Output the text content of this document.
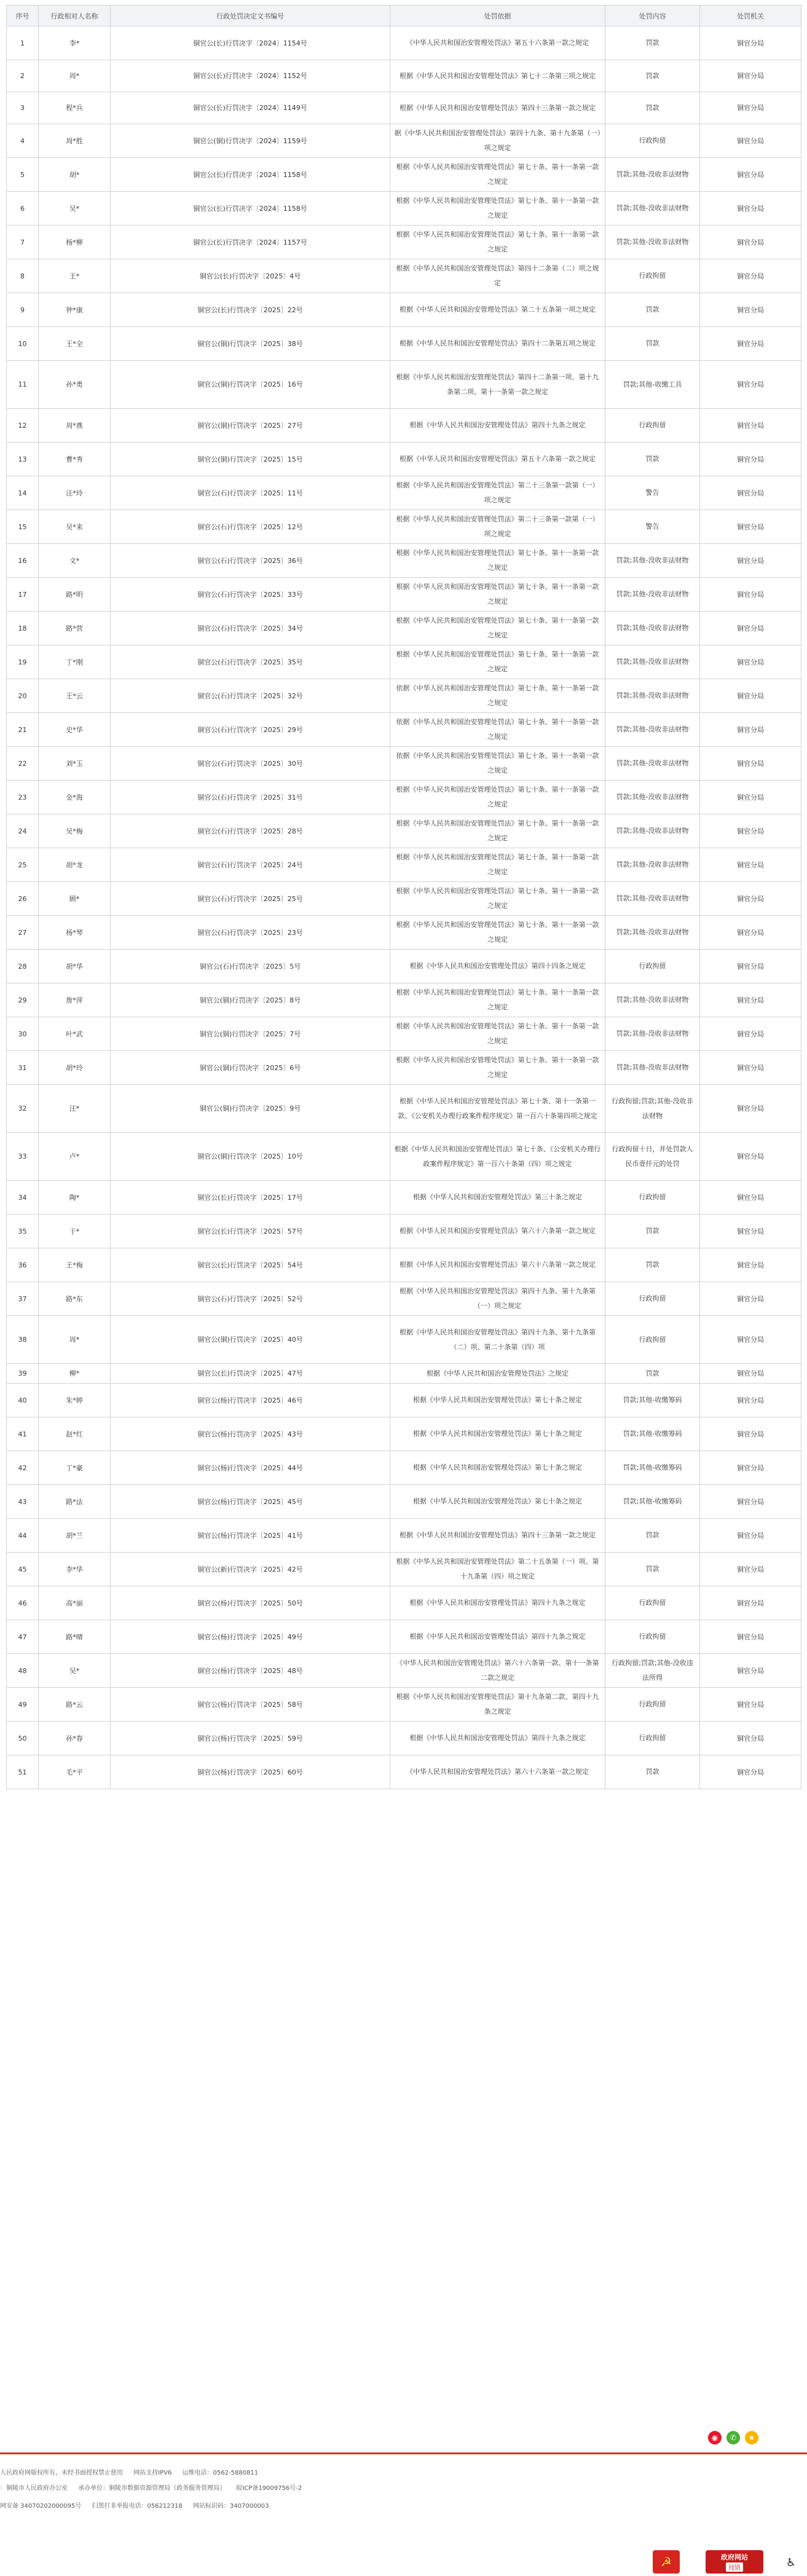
序号	行政相对人名称	行政处罚决定文书编号	处罚依据	处罚内容	处罚机关
1	李*	铜官公(长)行罚决字〔2024〕1154号	《中华人民共和国治安管理处罚法》第五十六条第一款之规定	罚款	铜官分局
2	周*	铜官公(长)行罚决字〔2024〕1152号	根据《中华人民共和国治安管理处罚法》第七十二条第三项之规定	罚款	铜官分局
3	程*兵	铜官公(长)行罚决字〔2024〕1149号	根据《中华人民共和国治安管理处罚法》第四十三条第一款之规定	罚款	铜官分局
4	周*胜	铜官公(铜)行罚决字〔2024〕1159号	据《中华人民共和国治安管理处罚法》第四十九条、第十九条第（一）项之规定	行政拘留	铜官分局
5	胡*	铜官公(长)行罚决字〔2024〕1158号	根据《中华人民共和国治安管理处罚法》第七十条、第十一条第一款之规定	罚款;其他-没收非法财物	铜官分局
6	吴*	铜官公(长)行罚决字〔2024〕1158号	根据《中华人民共和国治安管理处罚法》第七十条、第十一条第一款之规定	罚款;其他-没收非法财物	铜官分局
7	杨*柳	铜官公(长)行罚决字〔2024〕1157号	根据《中华人民共和国治安管理处罚法》第七十条、第十一条第一款之规定	罚款;其他-没收非法财物	铜官分局
8	王*	铜官公(长)行罚决字〔2025〕4号	根据《中华人民共和国治安管理处罚法》第四十二条第（二）项之规定	行政拘留	铜官分局
9	钟*康	铜官公(长)行罚决字〔2025〕22号	根据《中华人民共和国治安管理处罚法》第二十五条第一项之规定	罚款	铜官分局
10	王*全	铜官公(铜)行罚决字〔2025〕38号	根据《中华人民共和国治安管理处罚法》第四十二条第五项之规定	罚款	铜官分局
11	孙*勇	铜官公(铜)行罚决字〔2025〕16号	根据《中华人民共和国治安管理处罚法》第四十二条第一项、第十九条第二项、第十一条第一款之规定	罚款;其他-收缴工具	铜官分局
12	周*燕	铜官公(铜)行罚决字〔2025〕27号	根据《中华人民共和国治安管理处罚法》第四十九条之规定	行政拘留	铜官分局
13	曹*秀	铜官公(铜)行罚决字〔2025〕15号	根据《中华人民共和国治安管理处罚法》第五十六条第一款之规定	罚款	铜官分局
14	汪*玲	铜官公(石)行罚决字〔2025〕11号	根据《中华人民共和国治安管理处罚法》第二十三条第一款第（一）项之规定	警告	铜官分局
15	吴*来	铜官公(石)行罚决字〔2025〕12号	根据《中华人民共和国治安管理处罚法》第二十三条第一款第（一）项之规定	警告	铜官分局
16	文*	铜官公(石)行罚决字〔2025〕36号	根据《中华人民共和国治安管理处罚法》第七十条、第十一条第一款之规定	罚款;其他-没收非法财物	铜官分局
17	路*明	铜官公(石)行罚决字〔2025〕33号	根据《中华人民共和国治安管理处罚法》第七十条、第十一条第一款之规定	罚款;其他-没收非法财物	铜官分局
18	路*营	铜官公(石)行罚决字〔2025〕34号	根据《中华人民共和国治安管理处罚法》第七十条、第十一条第一款之规定	罚款;其他-没收非法财物	铜官分局
19	丁*刚	铜官公(石)行罚决字〔2025〕35号	根据《中华人民共和国治安管理处罚法》第七十条、第十一条第一款之规定	罚款;其他-没收非法财物	铜官分局
20	王*云	铜官公(石)行罚决字〔2025〕32号	依据《中华人民共和国治安管理处罚法》第七十条、第十一条第一款之规定	罚款;其他-没收非法财物	铜官分局
21	史*华	铜官公(石)行罚决字〔2025〕29号	依据《中华人民共和国治安管理处罚法》第七十条、第十一条第一款之规定	罚款;其他-没收非法财物	铜官分局
22	刘*玉	铜官公(石)行罚决字〔2025〕30号	依据《中华人民共和国治安管理处罚法》第七十条、第十一条第一款之规定	罚款;其他-没收非法财物	铜官分局
23	金*海	铜官公(石)行罚决字〔2025〕31号	根据《中华人民共和国治安管理处罚法》第七十条、第十一条第一款之规定	罚款;其他-没收非法财物	铜官分局
24	吴*梅	铜官公(石)行罚决字〔2025〕28号	根据《中华人民共和国治安管理处罚法》第七十条、第十一条第一款之规定	罚款;其他-没收非法财物	铜官分局
25	胡*龙	铜官公(石)行罚决字〔2025〕24号	根据《中华人民共和国治安管理处罚法》第七十条、第十一条第一款之规定	罚款;其他-没收非法财物	铜官分局
26	顾*	铜官公(石)行罚决字〔2025〕25号	根据《中华人民共和国治安管理处罚法》第七十条、第十一条第一款之规定	罚款;其他-没收非法财物	铜官分局
27	杨*琴	铜官公(石)行罚决字〔2025〕23号	根据《中华人民共和国治安管理处罚法》第七十条、第十一条第一款之规定	罚款;其他-没收非法财物	铜官分局
28	胡*华	铜官公(石)行罚决字〔2025〕5号	根据《中华人民共和国治安管理处罚法》第四十四条之规定	行政拘留	铜官分局
29	詹*萍	铜官公(铜)行罚决字〔2025〕8号	根据《中华人民共和国治安管理处罚法》第七十条、第十一条第一款之规定	罚款;其他-没收非法财物	铜官分局
30	叶*武	铜官公(铜)行罚决字〔2025〕7号	根据《中华人民共和国治安管理处罚法》第七十条、第十一条第一款之规定	罚款;其他-没收非法财物	铜官分局
31	胡*玲	铜官公(铜)行罚决字〔2025〕6号	根据《中华人民共和国治安管理处罚法》第七十条、第十一条第一款之规定	罚款;其他-没收非法财物	铜官分局
32	汪*	铜官公(铜)行罚决字〔2025〕9号	根据《中华人民共和国治安管理处罚法》第七十条、第十一条第一款、《公安机关办理行政案件程序规定》第一百六十条第四项之规定	行政拘留;罚款;其他-没收非法财物	铜官分局
33	卢*	铜官公(铜)行罚决字〔2025〕10号	根据《中华人民共和国治安管理处罚法》第七十条、《公安机关办理行政案件程序规定》第一百六十条第（四）项之规定	行政拘留十日，并处罚款人民币壹仟元的处罚	铜官分局
34	陶*	铜官公(长)行罚决字〔2025〕17号	根据《中华人民共和国治安管理处罚法》第三十条之规定	行政拘留	铜官分局
35	于*	铜官公(长)行罚决字〔2025〕57号	根据《中华人民共和国治安管理处罚法》第六十六条第一款之规定	罚款	铜官分局
36	王*梅	铜官公(长)行罚决字〔2025〕54号	根据《中华人民共和国治安管理处罚法》第六十六条第一款之规定	罚款	铜官分局
37	路*东	铜官公(石)行罚决字〔2025〕52号	根据《中华人民共和国治安管理处罚法》第四十九条、第十九条第（一）项之规定	行政拘留	铜官分局
38	周*	铜官公(铜)行罚决字〔2025〕40号	根据《中华人民共和国治安管理处罚法》第四十九条、第十九条第（二）项、第二十条第（四）项	行政拘留	铜官分局
39	柳*	铜官公(长)行罚决字〔2025〕47号	根据《中华人民共和国治安管理处罚法》之规定	罚款	铜官分局
40	朱*婷	铜官公(杨)行罚决字〔2025〕46号	根据《中华人民共和国治安管理处罚法》第七十条之规定	罚款;其他-收缴筹码	铜官分局
41	赵*红	铜官公(杨)行罚决字〔2025〕43号	根据《中华人民共和国治安管理处罚法》第七十条之规定	罚款;其他-收缴筹码	铜官分局
42	丁*豪	铜官公(杨)行罚决字〔2025〕44号	根据《中华人民共和国治安管理处罚法》第七十条之规定	罚款;其他-收缴筹码	铜官分局
43	路*法	铜官公(杨)行罚决字〔2025〕45号	根据《中华人民共和国治安管理处罚法》第七十条之规定	罚款;其他-收缴筹码	铜官分局
44	胡*兰	铜官公(杨)行罚决字〔2025〕41号	根据《中华人民共和国治安管理处罚法》第四十三条第一款之规定	罚款	铜官分局
45	李*华	铜官公(新)行罚决字〔2025〕42号	根据《中华人民共和国治安管理处罚法》第二十五条第（一）项、第十九条第（四）项之规定	罚款	铜官分局
46	高*丽	铜官公(杨)行罚决字〔2025〕50号	根据《中华人民共和国治安管理处罚法》第四十九条之规定	行政拘留	铜官分局
47	路*晴	铜官公(杨)行罚决字〔2025〕49号	根据《中华人民共和国治安管理处罚法》第四十九条之规定	行政拘留	铜官分局
48	吴*	铜官公(杨)行罚决字〔2025〕48号	《中华人民共和国治安管理处罚法》第六十六条第一款、第十一条第二款之规定	行政拘留;罚款;其他-没收违法所得	铜官分局
49	路*云	铜官公(杨)行罚决字〔2025〕58号	根据《中华人民共和国治安管理处罚法》第十九条第二款、第四十九条之规定	行政拘留	铜官分局
50	孙*春	铜官公(杨)行罚决字〔2025〕59号	根据《中华人民共和国治安管理处罚法》第四十九条之规定	行政拘留	铜官分局
51	毛*平	铜官公(杨)行罚决字〔2025〕60号	《中华人民共和国治安管理处罚法》第六十六条第一款之规定	罚款	铜官分局
◉	✆	★
人民政府网版权所有，未经书面授权禁止使用 网站支持IPV6 运维电话：0562-5880811
：铜陵市人民政府办公室 承办单位：铜陵市数据资源管理局（政务服务管理局） 皖ICP备19009756号-2
网安备 34070202000095号 扫黑打非举报电话：056212318 网站标识码：3407000003
☭	政府网站
找错	♿
